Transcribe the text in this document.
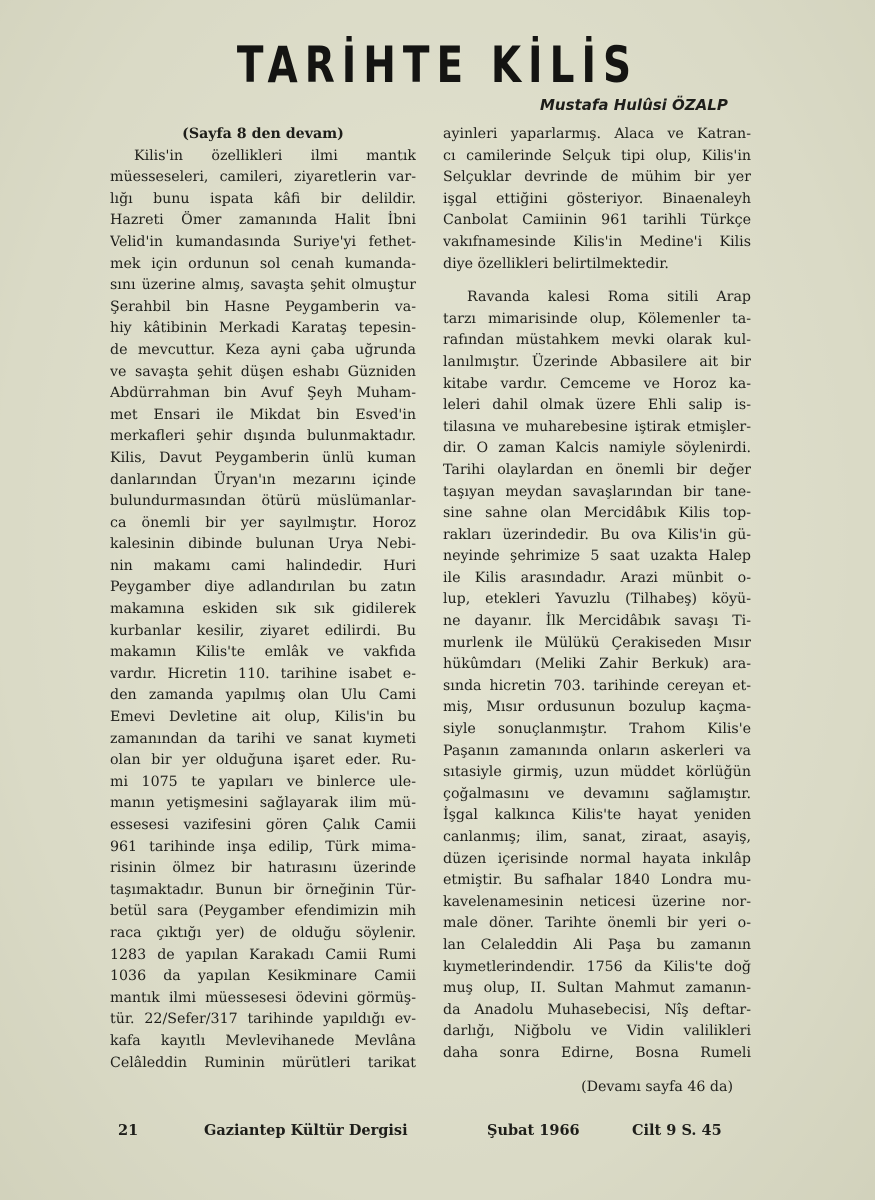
TARİHTE KİLİS
Mustafa Hulûsi ÖZALP
(Sayfa 8 den devam)
Kilis'in özellikleri ilmi mantık
müesseseleri, camileri, ziyaretlerin var-
lığı bunu ispata kâfi bir delildir.
Hazreti Ömer zamanında Halit İbni
Velid'in kumandasında Suriye'yi fethet-
mek için ordunun sol cenah kumanda-
sını üzerine almış, savaşta şehit olmuştur
Şerahbil bin Hasne Peygamberin va-
hiy kâtibinin Merkadi Karataş tepesin-
de mevcuttur. Keza ayni çaba uğrunda
ve savaşta şehit düşen eshabı Güzniden
Abdürrahman bin Avuf Şeyh Muham-
met Ensari ile Mikdat bin Esved'in
merkafleri şehir dışında bulunmaktadır.
Kilis, Davut Peygamberin ünlü kuman
danlarından Üryan'ın mezarını içinde
bulundurmasından ötürü müslümanlar-
ca önemli bir yer sayılmıştır. Horoz
kalesinin dibinde bulunan Urya Nebi-
nin makamı cami halindedir. Huri
Peygamber diye adlandırılan bu zatın
makamına eskiden sık sık gidilerek
kurbanlar kesilir, ziyaret edilirdi. Bu
makamın Kilis'te emlâk ve vakfıda
vardır. Hicretin 110. tarihine isabet e-
den zamanda yapılmış olan Ulu Cami
Emevi Devletine ait olup, Kilis'in bu
zamanından da tarihi ve sanat kıymeti
olan bir yer olduğuna işaret eder. Ru-
mi 1075 te yapıları ve binlerce ule-
manın yetişmesini sağlayarak ilim mü-
essesesi vazifesini gören Çalık Camii
961 tarihinde inşa edilip, Türk mima-
risinin ölmez bir hatırasını üzerinde
taşımaktadır. Bunun bir örneğinin Tür-
betül sara (Peygamber efendimizin mih
raca çıktığı yer) de olduğu söylenir.
1283 de yapılan Karakadı Camii Rumi
1036 da yapılan Kesikminare Camii
mantık ilmi müessesesi ödevini görmüş-
tür. 22/Sefer/317 tarihinde yapıldığı ev-
kafa kayıtlı Mevlevihanede Mevlâna
Celâleddin Ruminin mürütleri tarikat
ayinleri yaparlarmış. Alaca ve Katran-
cı camilerinde Selçuk tipi olup, Kilis'in
Selçuklar devrinde de mühim bir yer
işgal ettiğini gösteriyor. Binaenaleyh
Canbolat Camiinin 961 tarihli Türkçe
vakıfnamesinde Kilis'in Medine'i Kilis
diye özellikleri belirtilmektedir.
Ravanda kalesi Roma sitili Arap
tarzı mimarisinde olup, Kölemenler ta-
rafından müstahkem mevki olarak kul-
lanılmıştır. Üzerinde Abbasilere ait bir
kitabe vardır. Cemceme ve Horoz ka-
leleri dahil olmak üzere Ehli salip is-
tilasına ve muharebesine iştirak etmişler-
dir. O zaman Kalcis namiyle söylenirdi.
Tarihi olaylardan en önemli bir değer
taşıyan meydan savaşlarından bir tane-
sine sahne olan Mercidâbık Kilis top-
rakları üzerindedir. Bu ova Kilis'in gü-
neyinde şehrimize 5 saat uzakta Halep
ile Kilis arasındadır. Arazi münbit o-
lup, etekleri Yavuzlu (Tilhabeş) köyü-
ne dayanır. İlk Mercidâbık savaşı Ti-
murlenk ile Mülükü Çerakiseden Mısır
hükûmdarı (Meliki Zahir Berkuk) ara-
sında hicretin 703. tarihinde cereyan et-
miş, Mısır ordusunun bozulup kaçma-
siyle sonuçlanmıştır. Trahom Kilis'e
Paşanın zamanında onların askerleri va
sıtasiyle girmiş, uzun müddet körlüğün
çoğalmasını ve devamını sağlamıştır.
İşgal kalkınca Kilis'te hayat yeniden
canlanmış; ilim, sanat, ziraat, asayiş,
düzen içerisinde normal hayata inkılâp
etmiştir. Bu safhalar 1840 Londra mu-
kavelenamesinin neticesi üzerine nor-
male döner. Tarihte önemli bir yeri o-
lan Celaleddin Ali Paşa bu zamanın
kıymetlerindendir. 1756 da Kilis'te doğ
muş olup, II. Sultan Mahmut zamanın-
da Anadolu Muhasebecisi, Nîş deftar-
darlığı, Niğbolu ve Vidin valilikleri
daha sonra Edirne, Bosna Rumeli
(Devamı sayfa 46 da)
21	Gaziantep Kültür Dergisi	Şubat 1966	Cilt 9 S. 45
